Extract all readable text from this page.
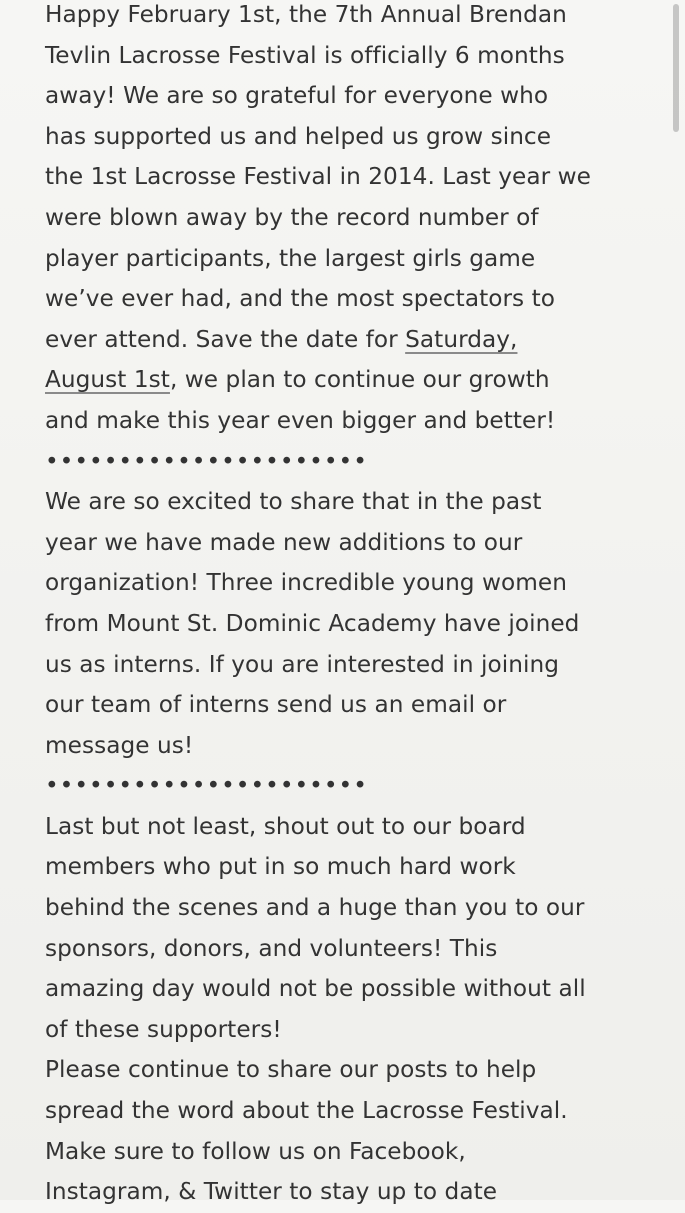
Happy February 1st, the 7th Annual Brendan
Tevlin Lacrosse Festival is officially 6 months
away! We are so grateful for everyone who
has supported us and helped us grow since
the 1st Lacrosse Festival in 2014. Last year we
were blown away by the record number of
player participants, the largest girls game
we’ve ever had, and the most spectators to
ever attend. Save the date for Saturday,
August 1st, we plan to continue our growth
and make this year even bigger and better!
••••••••••••••••••••••
We are so excited to share that in the past
year we have made new additions to our
organization! Three incredible young women
from Mount St. Dominic Academy have joined
us as interns. If you are interested in joining
our team of interns send us an email or
message us!
••••••••••••••••••••••
Last but not least, shout out to our board
members who put in so much hard work
behind the scenes and a huge than you to our
sponsors, donors, and volunteers! This
amazing day would not be possible without all
of these supporters!
Please continue to share our posts to help
spread the word about the Lacrosse Festival.
Make sure to follow us on Facebook,
Instagram, & Twitter to stay up to date
